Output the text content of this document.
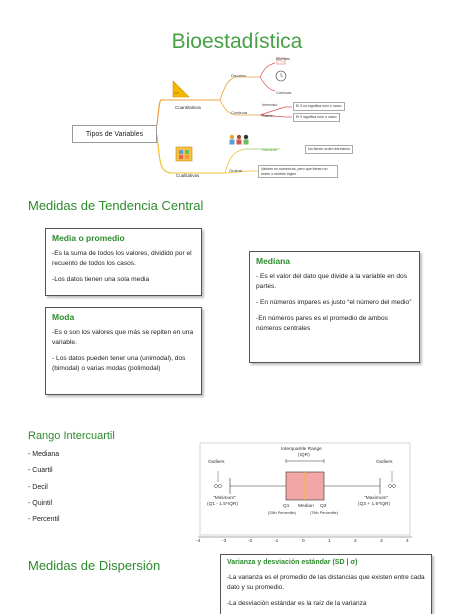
Bioestadística
Tipos de Variables
Cuantitativas
Cualitativas
Discreta
Continua
Discretas
Continuas
Intervalo
Razón
El 0 no significa nulo o vacío
El 0 significa nulo o vacío
Nominal	No tienen orden intrínseco
Ordinal	Valores no numéricos, pero que tienen un orden o sentido lógico
Medidas de Tendencia Central
Media o promedio

-Es la suma de todos los valores, dividido por el recuento de todos los casos.

-Los datos tienen una sola media

Moda

-Es o son los valores que más se repiten en una variable.

- Los datos pueden tener una (unimodal), dos (bimodal) o varias modas (polimodal)

Mediana

- Es el valor del dato que divide a la variable en dos partes.

- En números impares es justo “el número del medio”

-En números pares es el promedio de ambos números centrales

Rango Intercuartil
- Mediana
- Cuartil
- Decil
- Quintil
- Percentil
Interquartile Range
(IQR)
Outliers	Outliers
"Minimum"
(Q1 - 1.5*IQR)
"Maximum"
(Q3 + 1.5*IQR)
Q1 Median Q3
(25th Percentile)	(75th Percentile)
-4	-3	-2	-1	0	1	2	3	4
Medidas de Dispersión	Varianza y desviación estándar (SD | σ)

-La varianza es el promedio de las distancias que existen entre cada dato y su promedio.

-La desviación estándar es la raíz de la varianza
